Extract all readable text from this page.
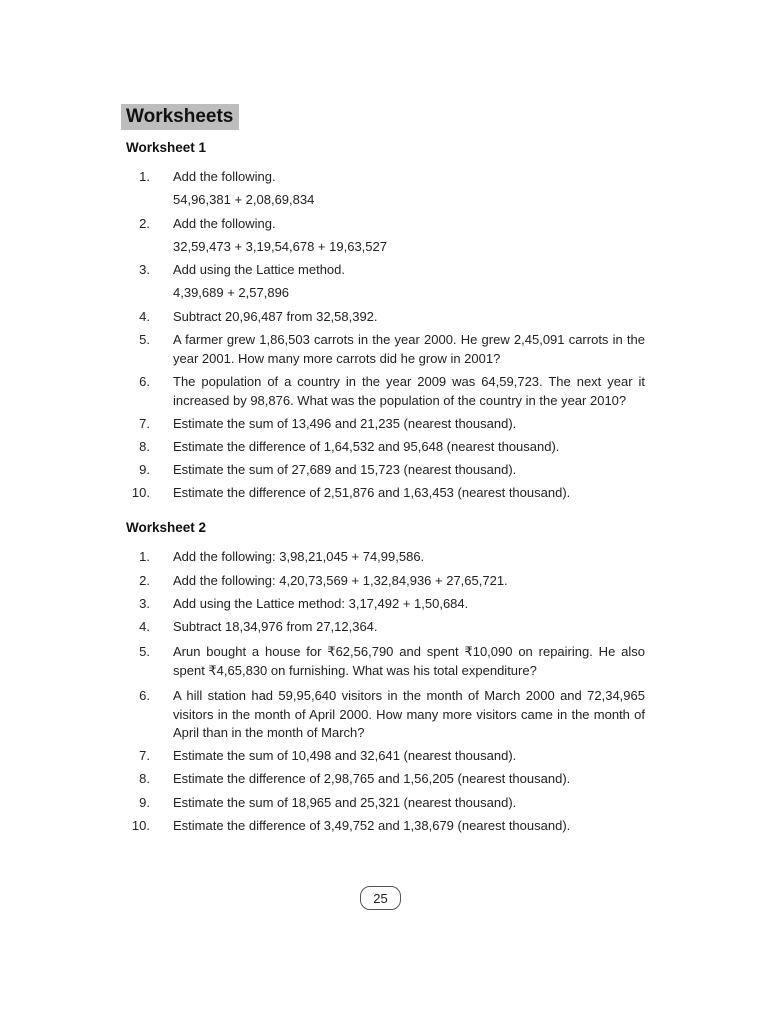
Worksheets
Worksheet 1
1. Add the following.
54,96,381 + 2,08,69,834
2. Add the following.
32,59,473 + 3,19,54,678 + 19,63,527
3. Add using the Lattice method.
4,39,689 + 2,57,896
4. Subtract 20,96,487 from 32,58,392.
5. A farmer grew 1,86,503 carrots in the year 2000. He grew 2,45,091 carrots in the year 2001. How many more carrots did he grow in 2001?
6. The population of a country in the year 2009 was 64,59,723. The next year it increased by 98,876. What was the population of the country in the year 2010?
7. Estimate the sum of 13,496 and 21,235 (nearest thousand).
8. Estimate the difference of 1,64,532 and 95,648 (nearest thousand).
9. Estimate the sum of 27,689 and 15,723 (nearest thousand).
10. Estimate the difference of 2,51,876 and 1,63,453 (nearest thousand).
Worksheet 2
1. Add the following: 3,98,21,045 + 74,99,586.
2. Add the following: 4,20,73,569 + 1,32,84,936 + 27,65,721.
3. Add using the Lattice method: 3,17,492 + 1,50,684.
4. Subtract 18,34,976 from 27,12,364.
5. Arun bought a house for ₹62,56,790 and spent ₹10,090 on repairing. He also spent ₹4,65,830 on furnishing. What was his total expenditure?
6. A hill station had 59,95,640 visitors in the month of March 2000 and 72,34,965 visitors in the month of April 2000. How many more visitors came in the month of April than in the month of March?
7. Estimate the sum of 10,498 and 32,641 (nearest thousand).
8. Estimate the difference of 2,98,765 and 1,56,205 (nearest thousand).
9. Estimate the sum of 18,965 and 25,321 (nearest thousand).
10. Estimate the difference of 3,49,752 and 1,38,679 (nearest thousand).
25
